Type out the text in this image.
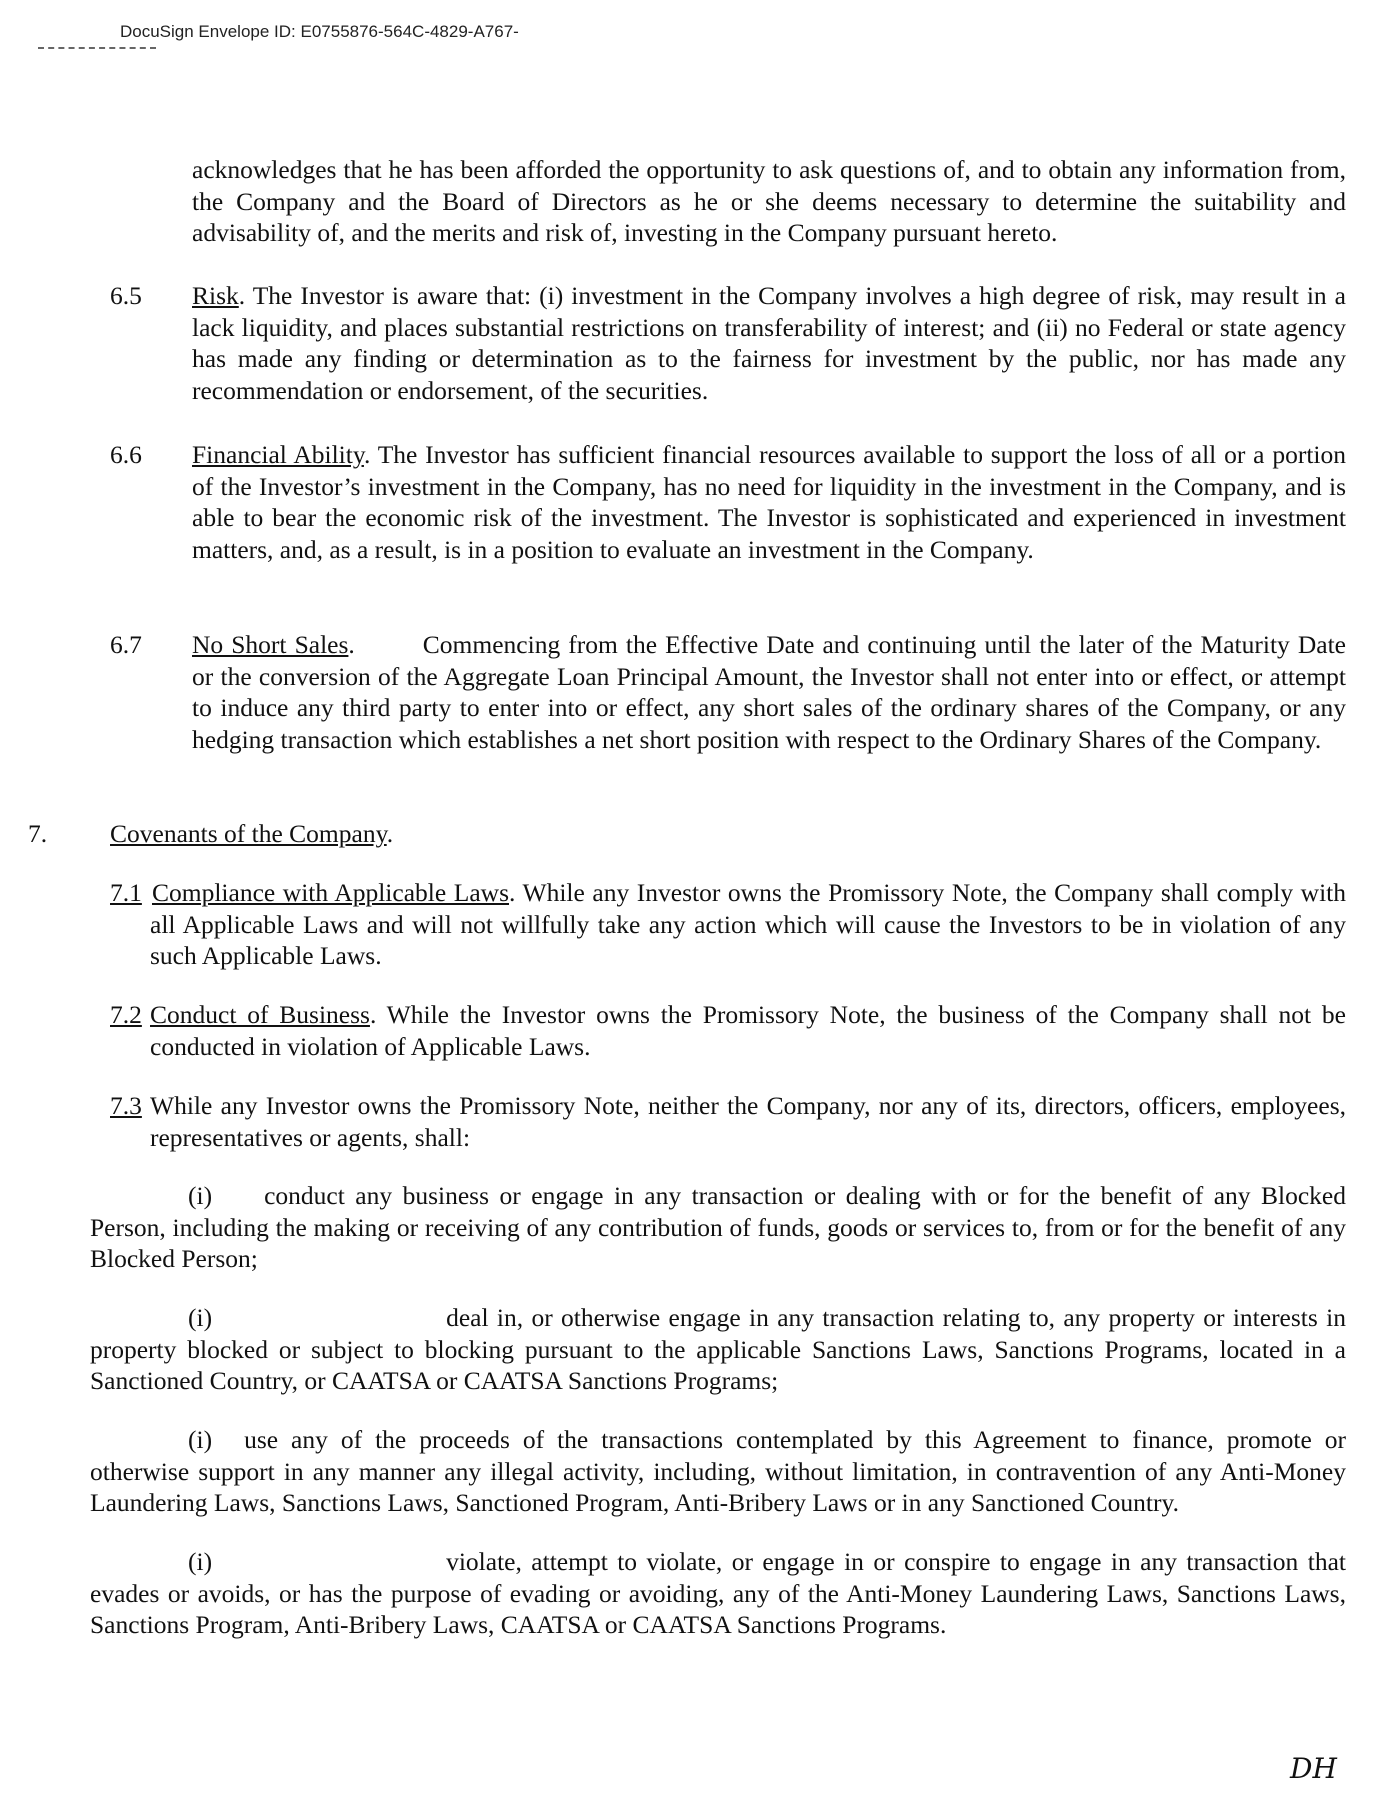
DocuSign Envelope ID: E0755876-564C-4829-A767-

acknowledges that he has been afforded the opportunity to ask questions of, and to obtain any information from, the Company and the Board of Directors as he or she deems necessary to determine the suitability and advisability of, and the merits and risk of, investing in the Company pursuant hereto.

6.5 Risk. The Investor is aware that: (i) investment in the Company involves a high degree of risk, may result in a lack liquidity, and places substantial restrictions on transferability of interest; and (ii) no Federal or state agency has made any finding or determination as to the fairness for investment by the public, nor has made any recommendation or endorsement, of the securities.

6.6 Financial Ability. The Investor has sufficient financial resources available to support the loss of all or a portion of the Investor’s investment in the Company, has no need for liquidity in the investment in the Company, and is able to bear the economic risk of the investment. The Investor is sophisticated and experienced in investment matters, and, as a result, is in a position to evaluate an investment in the Company.

6.7 No Short Sales.	Commencing from the Effective Date and continuing until the later of the Maturity Date or the conversion of the Aggregate Loan Principal Amount, the Investor shall not enter into or effect, or attempt to induce any third party to enter into or effect, any short sales of the ordinary shares of the Company, or any hedging transaction which establishes a net short position with respect to the Ordinary Shares of the Company.

7. Covenants of the Company.

7.1 Compliance with Applicable Laws. While any Investor owns the Promissory Note, the Company shall comply with all Applicable Laws and will not willfully take any action which will cause the Investors to be in violation of any such Applicable Laws.

7.2 Conduct of Business. While the Investor owns the Promissory Note, the business of the Company shall not be conducted in violation of Applicable Laws.

7.3 While any Investor owns the Promissory Note, neither the Company, nor any of its, directors, officers, employees, representatives or agents, shall:

(i) conduct any business or engage in any transaction or dealing with or for the benefit of any Blocked Person, including the making or receiving of any contribution of funds, goods or services to, from or for the benefit of any Blocked Person;

(i)	deal in, or otherwise engage in any transaction relating to, any property or interests in property blocked or subject to blocking pursuant to the applicable Sanctions Laws, Sanctions Programs, located in a Sanctioned Country, or CAATSA or CAATSA Sanctions Programs;

(i) use any of the proceeds of the transactions contemplated by this Agreement to finance, promote or otherwise support in any manner any illegal activity, including, without limitation, in contravention of any Anti-Money Laundering Laws, Sanctions Laws, Sanctioned Program, Anti-Bribery Laws or in any Sanctioned Country.

(i)	violate, attempt to violate, or engage in or conspire to engage in any transaction that evades or avoids, or has the purpose of evading or avoiding, any of the Anti-Money Laundering Laws, Sanctions Laws, Sanctions Program, Anti-Bribery Laws, CAATSA or CAATSA Sanctions Programs.

DH
